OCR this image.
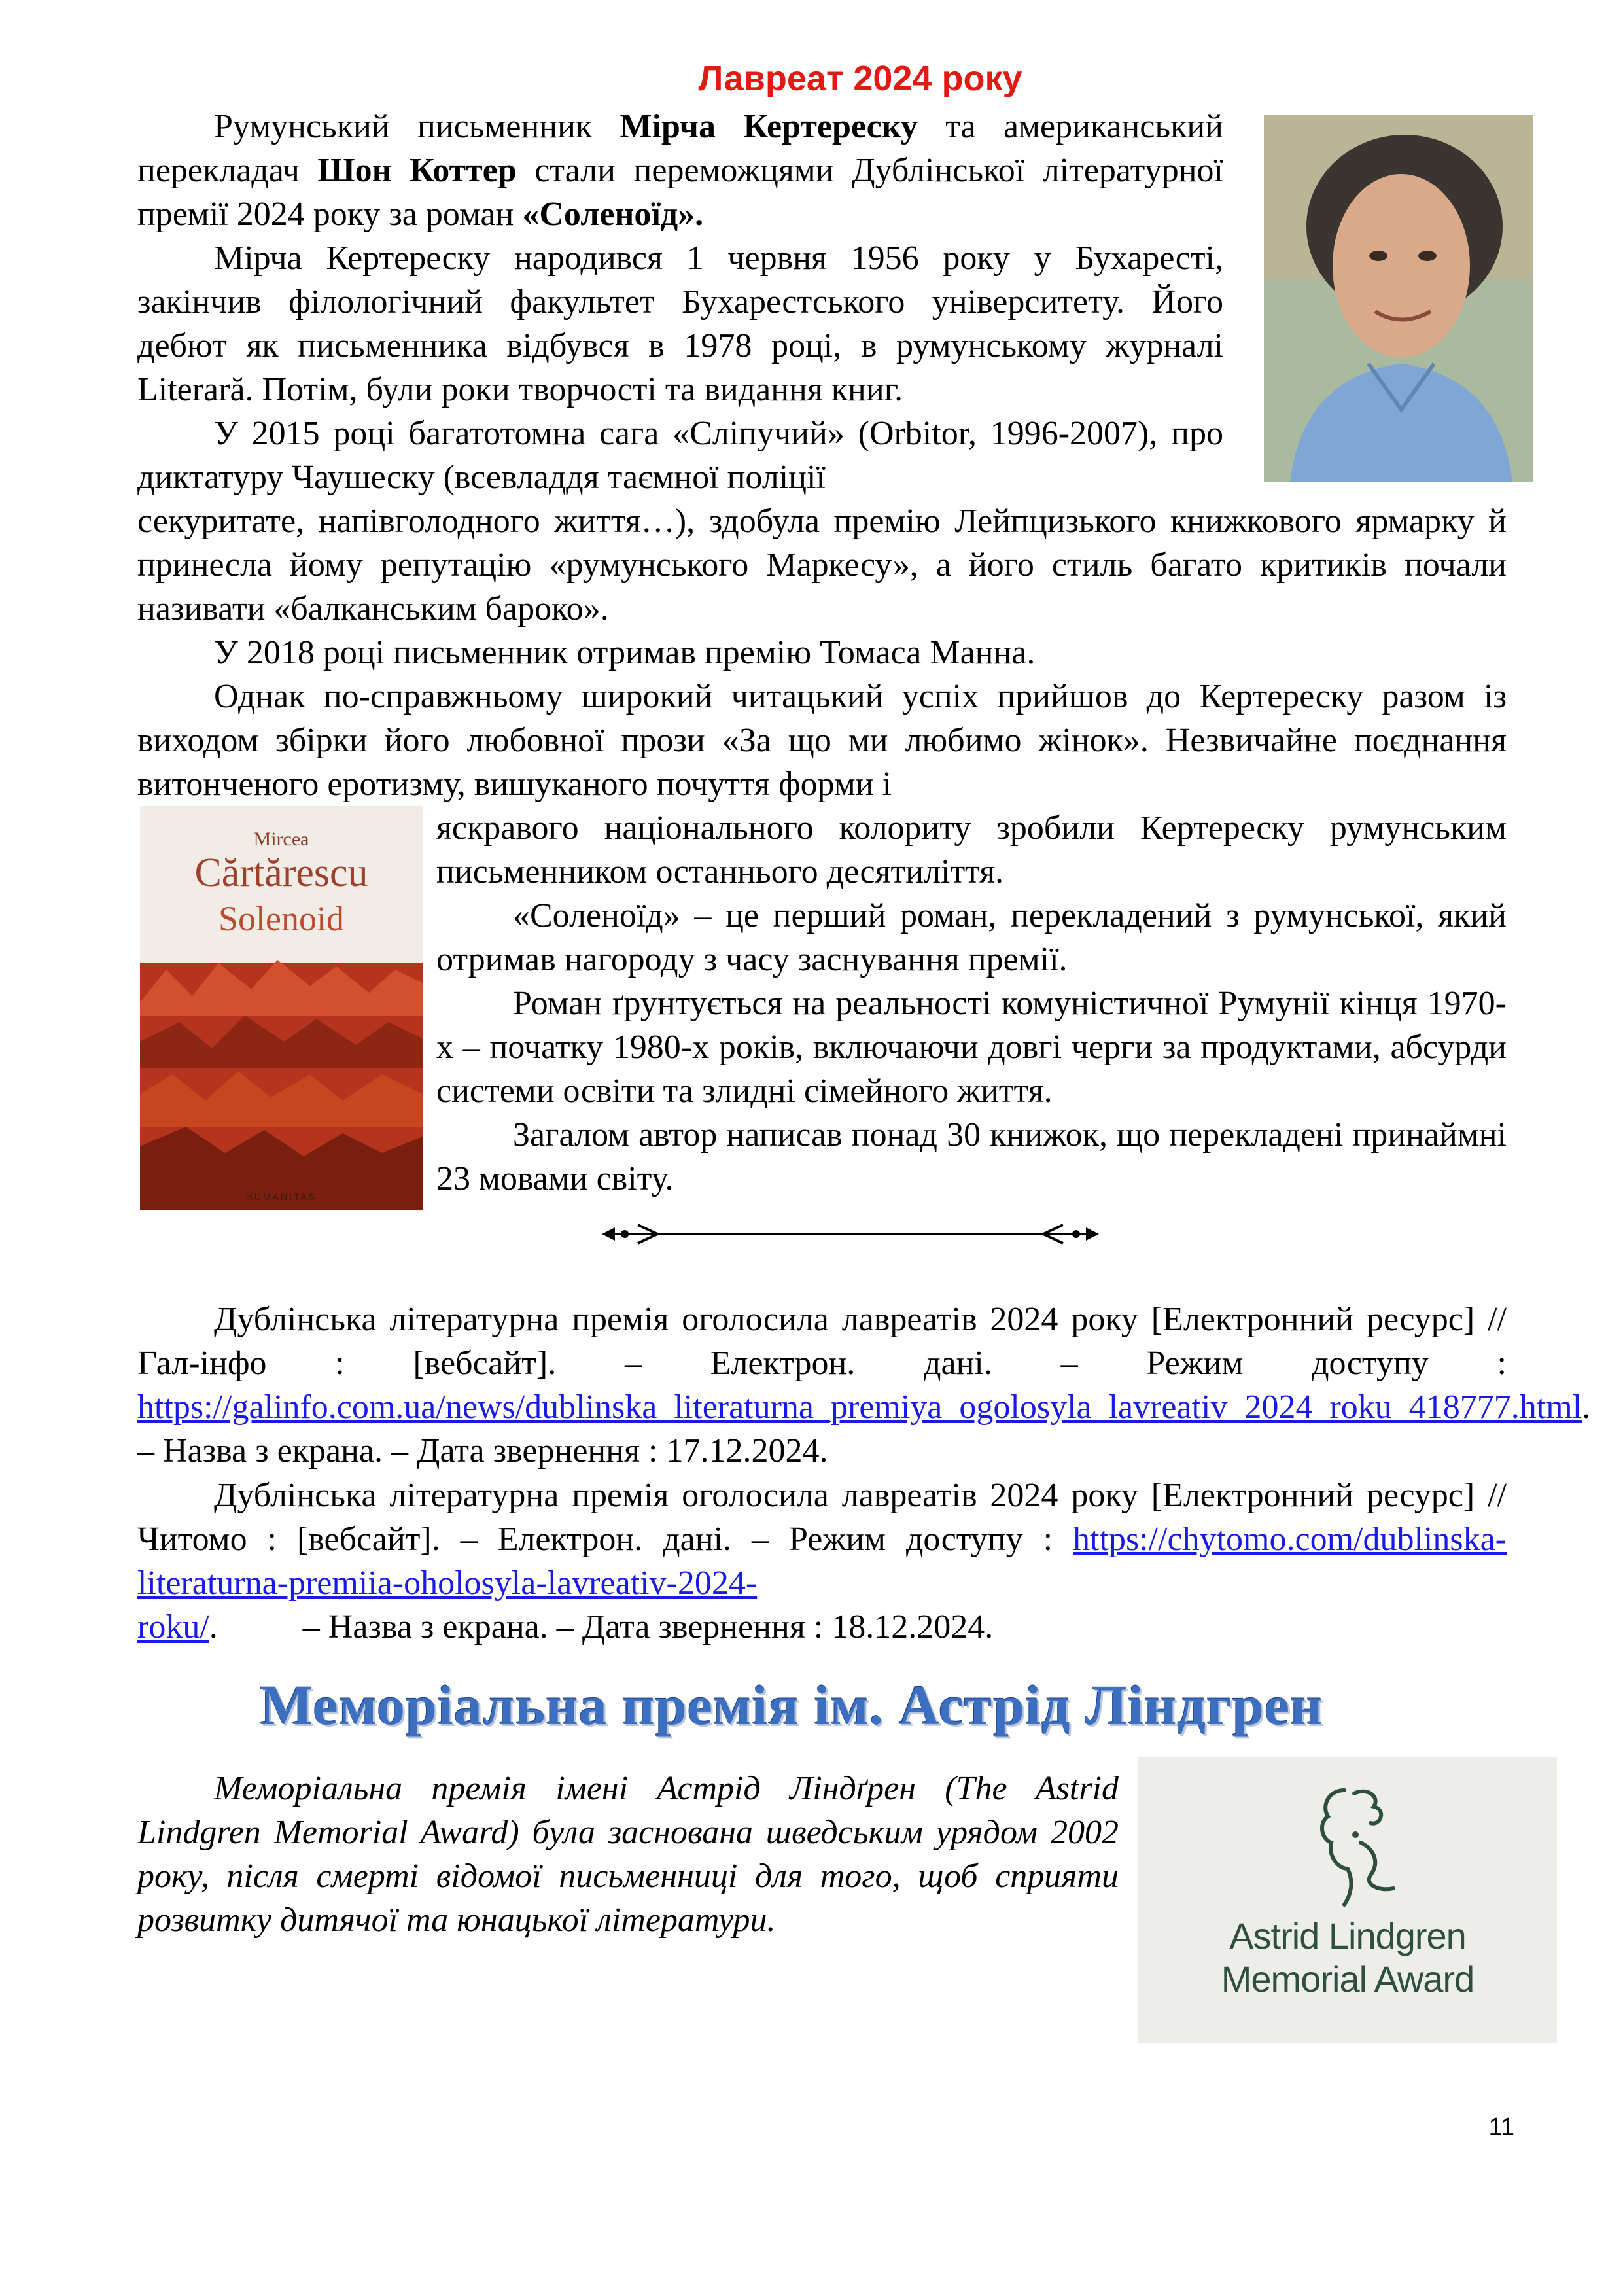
Лавреат 2024 року

Румунський письменник Мірча Кертереску та американський перекладач Шон Коттер стали переможцями Дублінської літературної премії 2024 року за роман «Соленоїд».

Мірча Кертереску народився 1 червня 1956 року у Бухаресті, закінчив філологічний факультет Бухарестського університету. Його дебют як письменника відбувся в 1978 році, в румунському журналі Literară. Потім, були роки творчості та видання книг.

У 2015 році багатотомна сага «Сліпучий» (Orbitor, 1996-2007), про диктатуру Чаушеску (всевладдя таємної поліції

секуритате, напівголодного життя…), здобула премію Лейпцизького книжкового ярмарку й принесла йому репутацію «румунського Маркесу», а його стиль багато критиків почали називати «балканським бароко».

У 2018 році письменник отримав премію Томаса Манна.

Однак по-справжньому широкий читацький успіх прийшов до Кертереску разом із виходом збірки його любовної прози «За що ми любимо жінок». Незвичайне поєднання витонченого еротизму, вишуканого почуття форми і

яскравого національного колориту зробили Кертереску румунським письменником останнього десятиліття.

«Соленоїд» – це перший роман, перекладений з румунської, який отримав нагороду з часу заснування премії.

Роман ґрунтується на реальності комуністичної Румунії кінця 1970-х – початку 1980-х років, включаючи довгі черги за продуктами, абсурди системи освіти та злидні сімейного життя.

Загалом автор написав понад 30 книжок, що перекладені принаймні 23 мовами світу.

Mircea
Cărtărescu
Solenoid
HUMANITAS

Дублінська літературна премія оголосила лавреатів 2024 року [Електронний ресурс] // Гал-інфо : [вебсайт]. – Електрон. дані. – Режим доступу : https://galinfo.com.ua/news/dublinska_literaturna_premiya_ogolosyla_lavreativ_2024_roku_418777.html. – Назва з екрана. – Дата звернення : 17.12.2024.

Дублінська літературна премія оголосила лавреатів 2024 року [Електронний ресурс] // Читомо : [вебсайт]. – Електрон. дані. – Режим доступу : https://chytomo.com/dublinska-literaturna-premiia-oholosyla-lavreativ-2024-roku/.          – Назва з екрана. – Дата звернення : 18.12.2024.

Меморіальна премія ім. Астрід Ліндгрен

Меморіальна премія імені Астрід Ліндґрен (The Astrid Lindgren Memorial Award) була заснована шведським урядом 2002 року, після смерті відомої письменниці для того, щоб сприяти розвитку дитячої та юнацької літератури.	Astrid Lindgren
Memorial Award
11
